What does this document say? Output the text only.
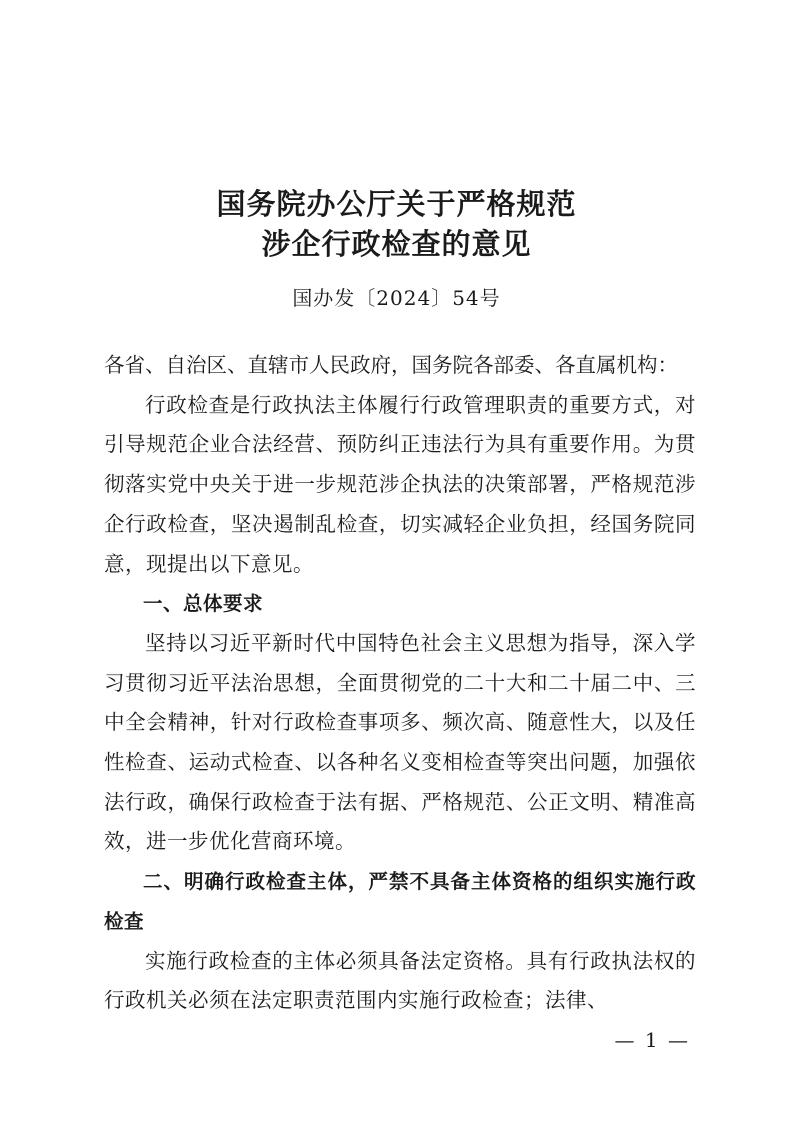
国务院办公厅关于严格规范
涉企行政检查的意见
国办发〔2024〕54号

各省、自治区、直辖市人民政府，国务院各部委、各直属机构：

行政检查是行政执法主体履行行政管理职责的重要方式，对引导规范企业合法经营、预防纠正违法行为具有重要作用。为贯彻落实党中央关于进一步规范涉企执法的决策部署，严格规范涉企行政检查，坚决遏制乱检查，切实减轻企业负担，经国务院同意，现提出以下意见。

一、总体要求

坚持以习近平新时代中国特色社会主义思想为指导，深入学习贯彻习近平法治思想，全面贯彻党的二十大和二十届二中、三中全会精神，针对行政检查事项多、频次高、随意性大，以及任性检查、运动式检查、以各种名义变相检查等突出问题，加强依法行政，确保行政检查于法有据、严格规范、公正文明、精准高效，进一步优化营商环境。

二、明确行政检查主体，严禁不具备主体资格的组织实施行政检查

实施行政检查的主体必须具备法定资格。具有行政执法权的行政机关必须在法定职责范围内实施行政检查；法律、

— 1 —
